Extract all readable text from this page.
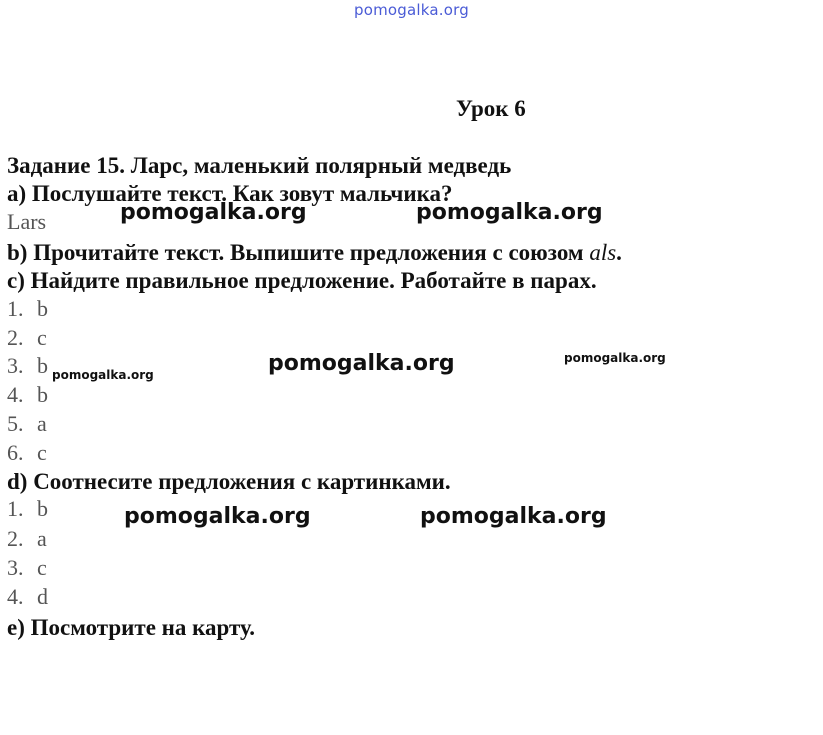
pomogalka.org
Урок 6
Задание 15. Ларс, маленький полярный медведь
a) Послушайте текст. Как зовут мальчика?
Lars
b) Прочитайте текст. Выпишите предложения с союзом als.
c) Найдите правильное предложение. Работайте в парах.
1. b
2. c
3. b
4. b
5. a
6. c
d) Соотнесите предложения с картинками.
1. b
2. a
3. c
4. d
e) Посмотрите на карту.
pomogalka.org	pomogalka.org
pomogalka.org
pomogalka.org
pomogalka.org
pomogalka.org	pomogalka.org
